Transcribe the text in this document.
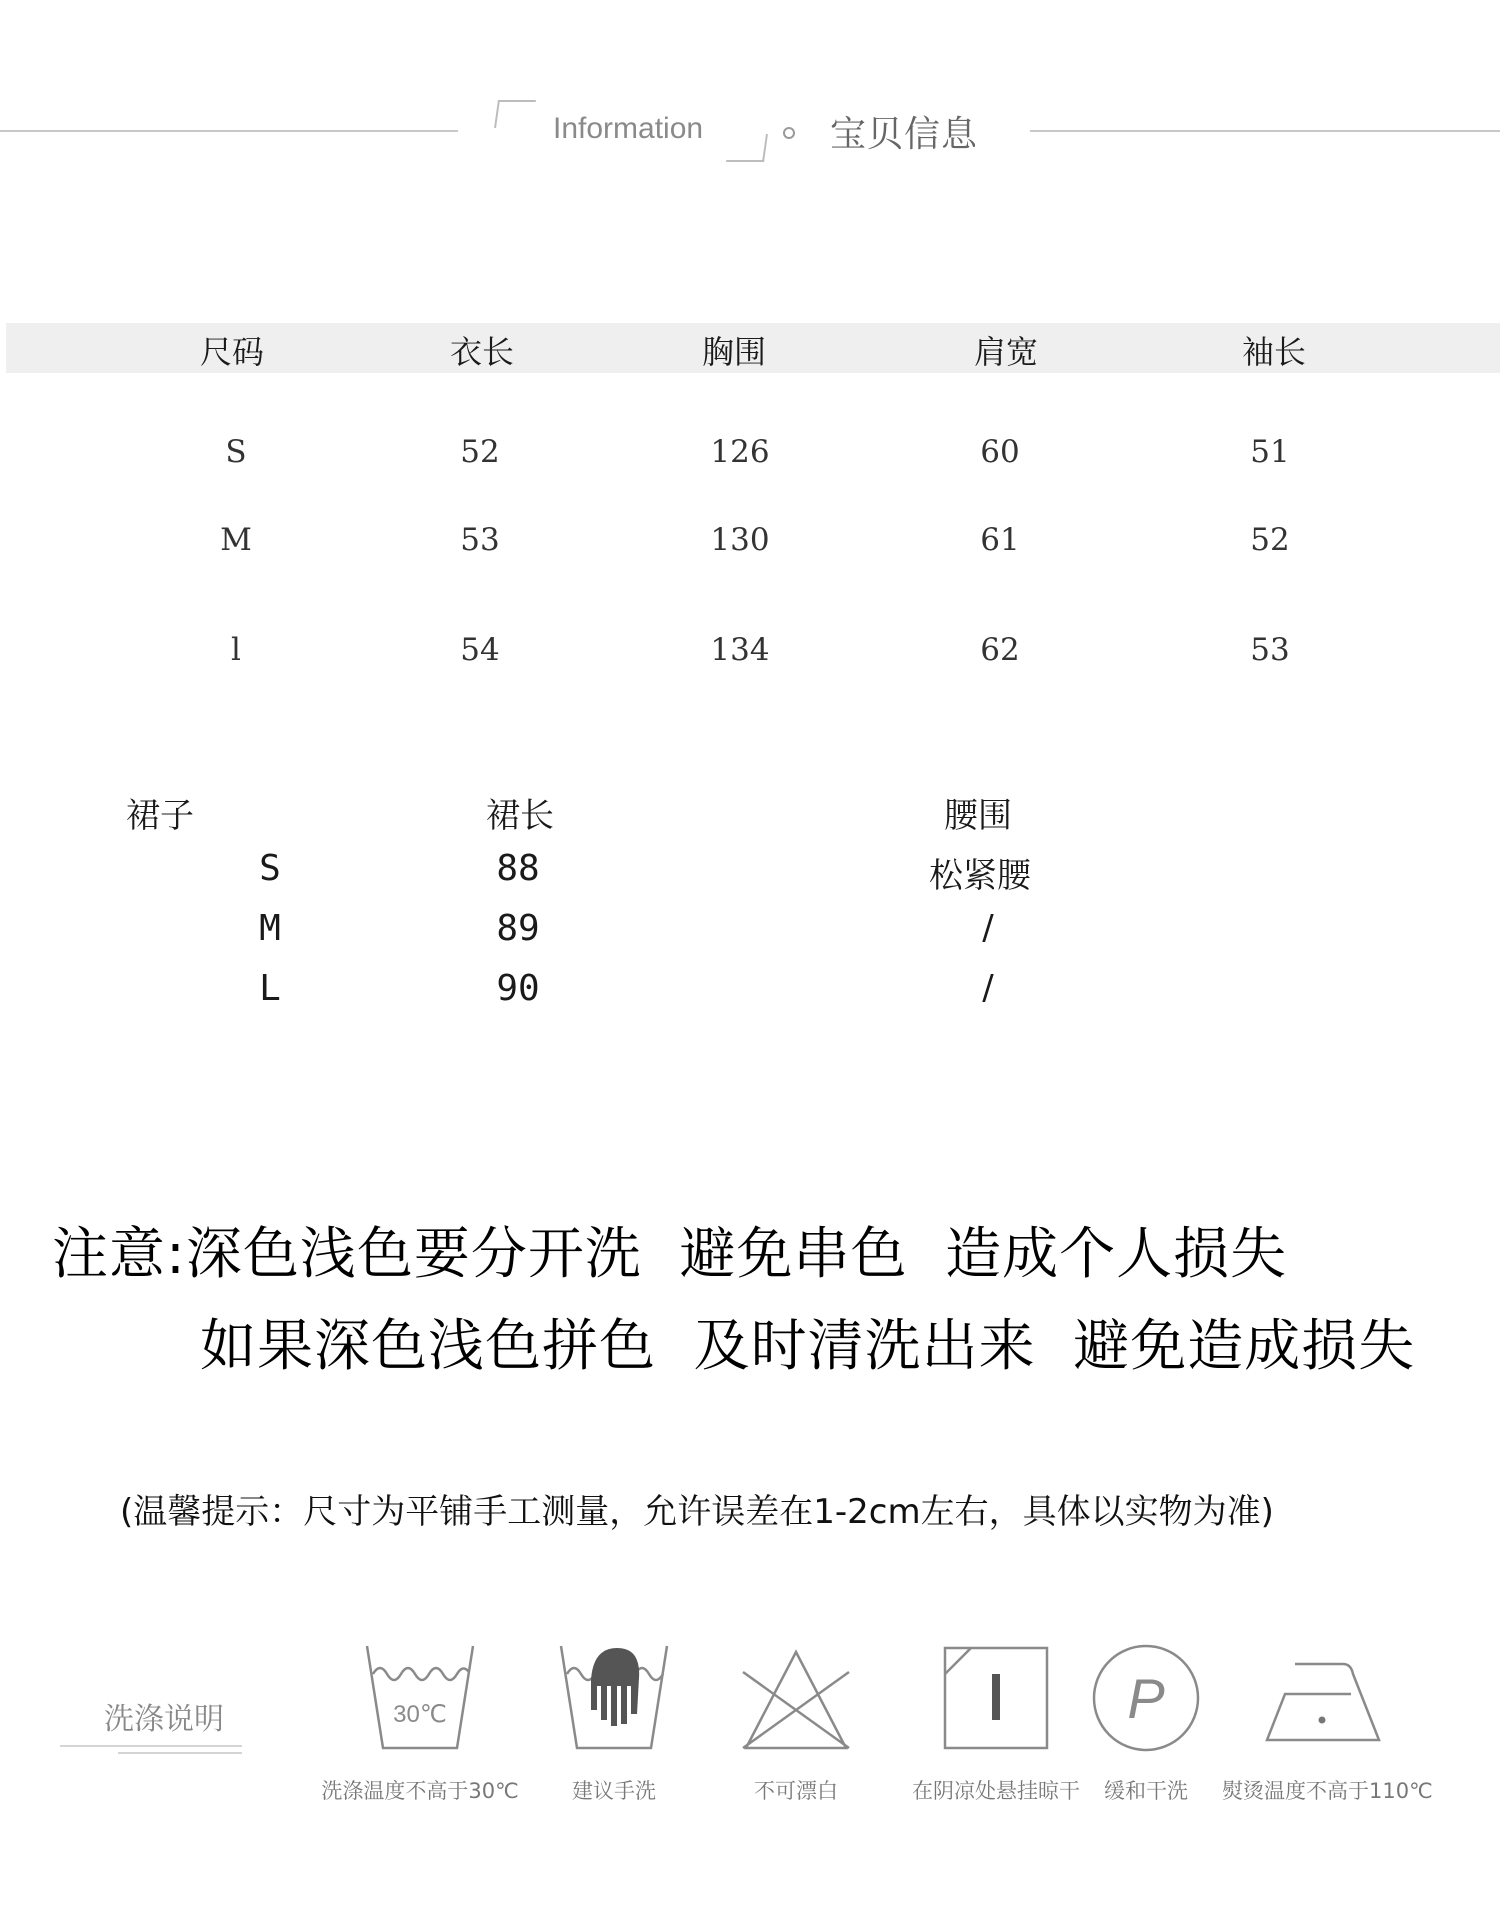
Information	宝贝信息
尺码	衣长	胸围	肩宽	袖长
S	52	126	60	51
M	53	130	61	52
l	54	134	62	53
裙子	裙长	腰围
S	88	松紧腰
M	89	/
L	90	/
注意:深色浅色要分开洗  避免串色  造成个人损失
如果深色浅色拼色  及时清洗出来  避免造成损失
(温馨提示：尺寸为平铺手工测量，允许误差在1-2cm左右，具体以实物为准)
洗涤说明	30℃
洗涤温度不高于30℃	建议手洗	不可漂白	在阴凉处悬挂晾干
P
缓和干洗	熨烫温度不高于110℃
